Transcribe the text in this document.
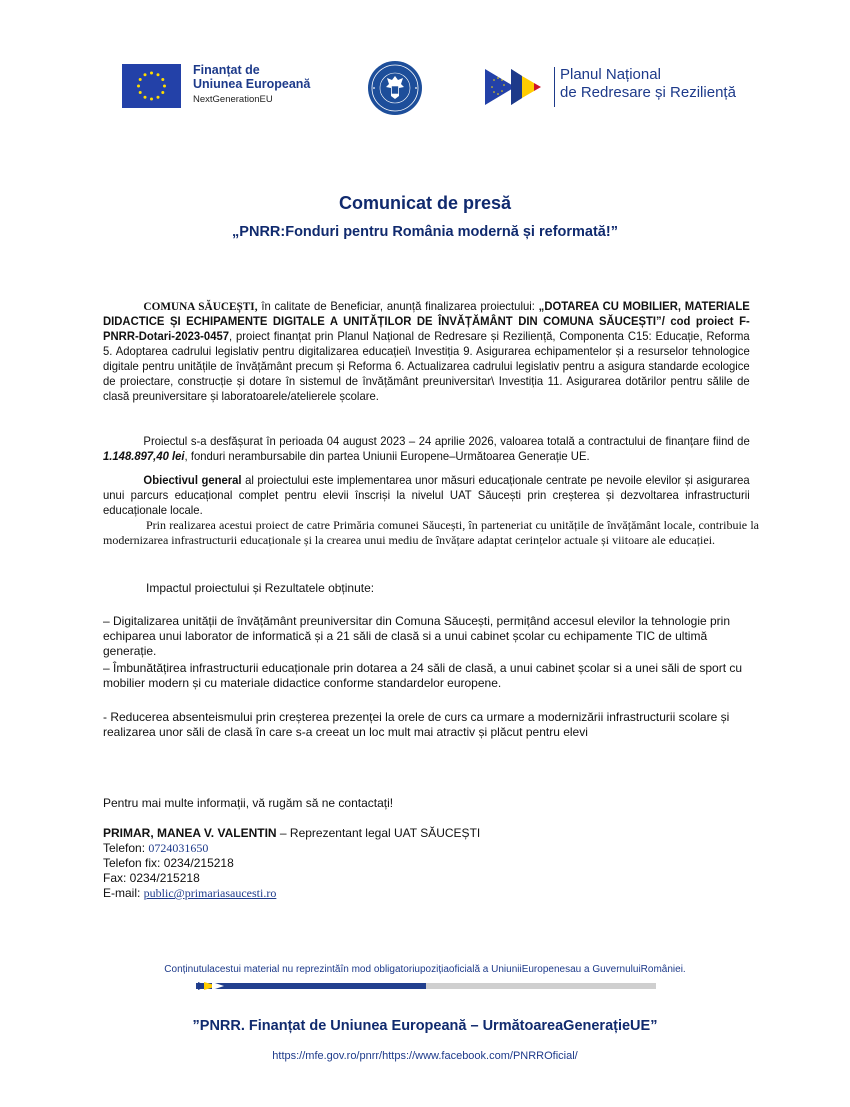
Finanțat de
Uniunea Europeană
NextGenerationEU
Planul Național
de Redresare și Reziliență
Comunicat de presă
„PNRR:Fonduri pentru România modernă și reformată!”
COMUNA SĂUCEȘTI, în calitate de Beneficiar, anunță finalizarea proiectului: „DOTAREA CU MOBILIER, MATERIALE DIDACTICE ȘI ECHIPAMENTE DIGITALE A UNITĂȚILOR DE ÎNVĂȚĂMÂNT DIN COMUNA SĂUCEȘTI”/ cod proiect F-PNRR-Dotari-2023-0457, proiect finanțat prin Planul Național de Redresare și Reziliență, Componenta C15: Educație, Reforma 5. Adoptarea cadrului legislativ pentru digitalizarea educației\ Investiția 9. Asigurarea echipamentelor și a resurselor tehnologice digitale pentru unitățile de învățământ precum și Reforma 6. Actualizarea cadrului legislativ pentru a asigura standarde ecologice de proiectare, construcție și dotare în sistemul de învățământ preuniversitar\ Investiția 11. Asigurarea dotărilor pentru sălile de clasă preuniversitare și laboratoarele/atelierele școlare.
Proiectul s-a desfășurat în perioada 04 august 2023 – 24 aprilie 2026, valoarea totală a contractului de finanțare fiind de 1.148.897,40 lei, fonduri nerambursabile din partea Uniunii Europene–Următoarea Generație UE.
Obiectivul general al proiectului este implementarea unor măsuri educaționale centrate pe nevoile elevilor și asigurarea unui parcurs educațional complet pentru elevii înscriși la nivelul UAT Săucești prin creșterea și dezvoltarea infrastructurii educaționale locale.
Prin realizarea acestui proiect de catre Primăria comunei Săucești, în parteneriat cu unitățile de învățământ locale, contribuie la modernizarea infrastructurii educaționale și la crearea unui mediu de învățare adaptat cerințelor actuale și viitoare ale educației.
Impactul proiectului și Rezultatele obținute:
– Digitalizarea unității de învățământ preuniversitar din Comuna Săucești, permițând accesul elevilor la tehnologie prin echiparea unui laborator de informatică și a 21 săli de clasă si a unui cabinet școlar cu echipamente TIC de ultimă generație.
– Îmbunătățirea infrastructurii educaționale prin dotarea a 24 săli de clasă, a unui cabinet școlar si a unei săli de sport cu mobilier modern și cu materiale didactice conforme standardelor europene.
- Reducerea absenteismului prin creșterea prezenței la orele de curs ca urmare a modernizării infrastructurii scolare și realizarea unor săli de clasă în care s-a creeat un loc mult mai atractiv și plăcut pentru elevi
Pentru mai multe informații, vă rugăm să ne contactați!
PRIMAR, MANEA V. VALENTIN – Reprezentant legal UAT SĂUCEȘTI
Telefon: 0724031650
Telefon fix: 0234/215218
Fax: 0234/215218
E-mail: public@primariasaucesti.ro
Conținutulacestui material nu reprezintăîn mod obligatoriupozițiaoficială a UniuniiEuropenesau a GuvernuluiRomâniei.
”PNRR. Finanțat de Uniunea Europeană – UrmătoareaGenerațieUE”
https://mfe.gov.ro/pnrr/https://www.facebook.com/PNRROficial/
